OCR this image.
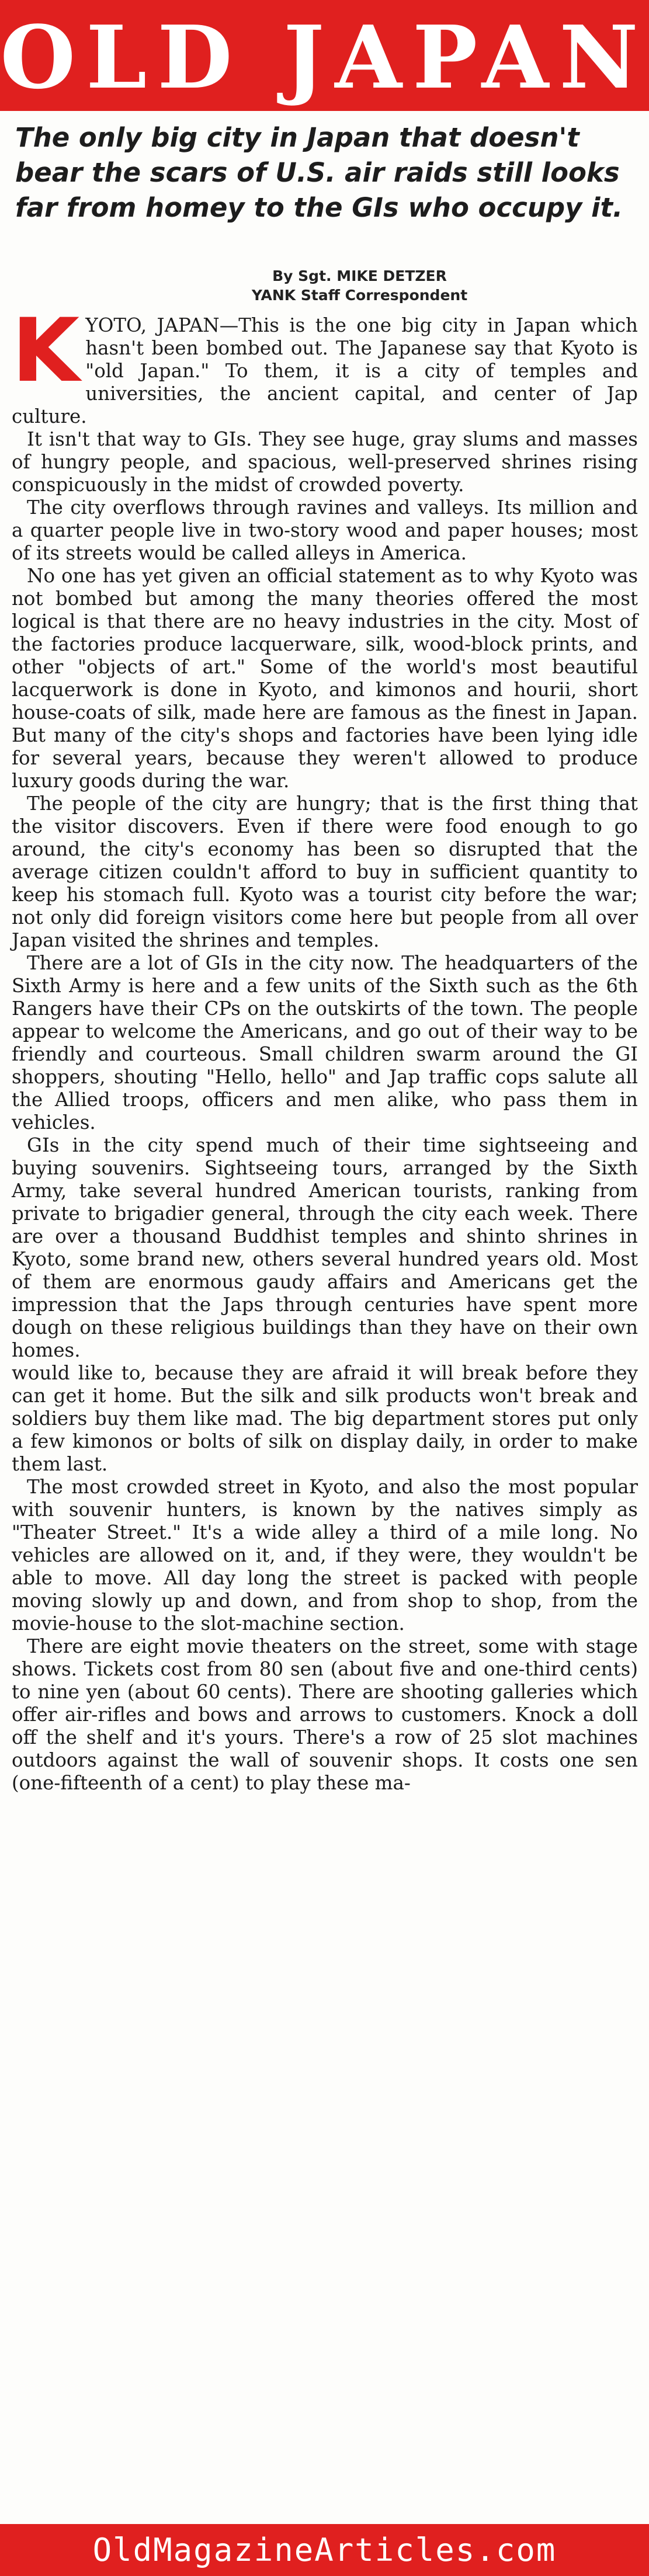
OLD JAPAN
The only big city in Japan that doesn't bear the scars of U.S. air raids still looks far from homey to the GIs who occupy it.
By Sgt. MIKE DETZER
YANK Staff Correspondent

KYOTO, JAPAN—This is the one big city in Japan which hasn't been bombed out. The Japanese say that Kyoto is "old Japan." To them, it is a city of temples and universities, the ancient capital, and center of Jap culture.

It isn't that way to GIs. They see huge, gray slums and masses of hungry people, and spacious, well-preserved shrines rising conspicuously in the midst of crowded poverty.

The city overflows through ravines and valleys. Its million and a quarter people live in two-story wood and paper houses; most of its streets would be called alleys in America.

No one has yet given an official statement as to why Kyoto was not bombed but among the many theories offered the most logical is that there are no heavy industries in the city. Most of the factories produce lacquerware, silk, wood-block prints, and other "objects of art." Some of the world's most beautiful lacquerwork is done in Kyoto, and kimonos and hourii, short house-coats of silk, made here are famous as the finest in Japan. But many of the city's shops and factories have been lying idle for several years, because they weren't allowed to produce luxury goods during the war.

The people of the city are hungry; that is the first thing that the visitor discovers. Even if there were food enough to go around, the city's economy has been so disrupted that the average citizen couldn't afford to buy in sufficient quantity to keep his stomach full. Kyoto was a tourist city before the war; not only did foreign visitors come here but people from all over Japan visited the shrines and temples.

There are a lot of GIs in the city now. The headquarters of the Sixth Army is here and a few units of the Sixth such as the 6th Rangers have their CPs on the outskirts of the town. The people appear to welcome the Americans, and go out of their way to be friendly and courteous. Small children swarm around the GI shoppers, shouting "Hello, hello" and Jap traffic cops salute all the Allied troops, officers and men alike, who pass them in vehicles.

GIs in the city spend much of their time sightseeing and buying souvenirs. Sightseeing tours, arranged by the Sixth Army, take several hundred American tourists, ranking from private to brigadier general, through the city each week. There are over a thousand Buddhist temples and shinto shrines in Kyoto, some brand new, others several hundred years old. Most of them are enormous gaudy affairs and Americans get the impression that the Japs through centuries have spent more dough on these religious buildings than they have on their own homes.

would like to, because they are afraid it will break before they can get it home. But the silk and silk products won't break and soldiers buy them like mad. The big department stores put only a few kimonos or bolts of silk on display daily, in order to make them last.

The most crowded street in Kyoto, and also the most popular with souvenir hunters, is known by the natives simply as "Theater Street." It's a wide alley a third of a mile long. No vehicles are allowed on it, and, if they were, they wouldn't be able to move. All day long the street is packed with people moving slowly up and down, and from shop to shop, from the movie-house to the slot-machine section.

There are eight movie theaters on the street, some with stage shows. Tickets cost from 80 sen (about five and one-third cents) to nine yen (about 60 cents). There are shooting galleries which offer air-rifles and bows and arrows to customers. Knock a doll off the shelf and it's yours. There's a row of 25 slot machines outdoors against the wall of souvenir shops. It costs one sen (one-fifteenth of a cent) to play these ma-

OldMagazineArticles.com
